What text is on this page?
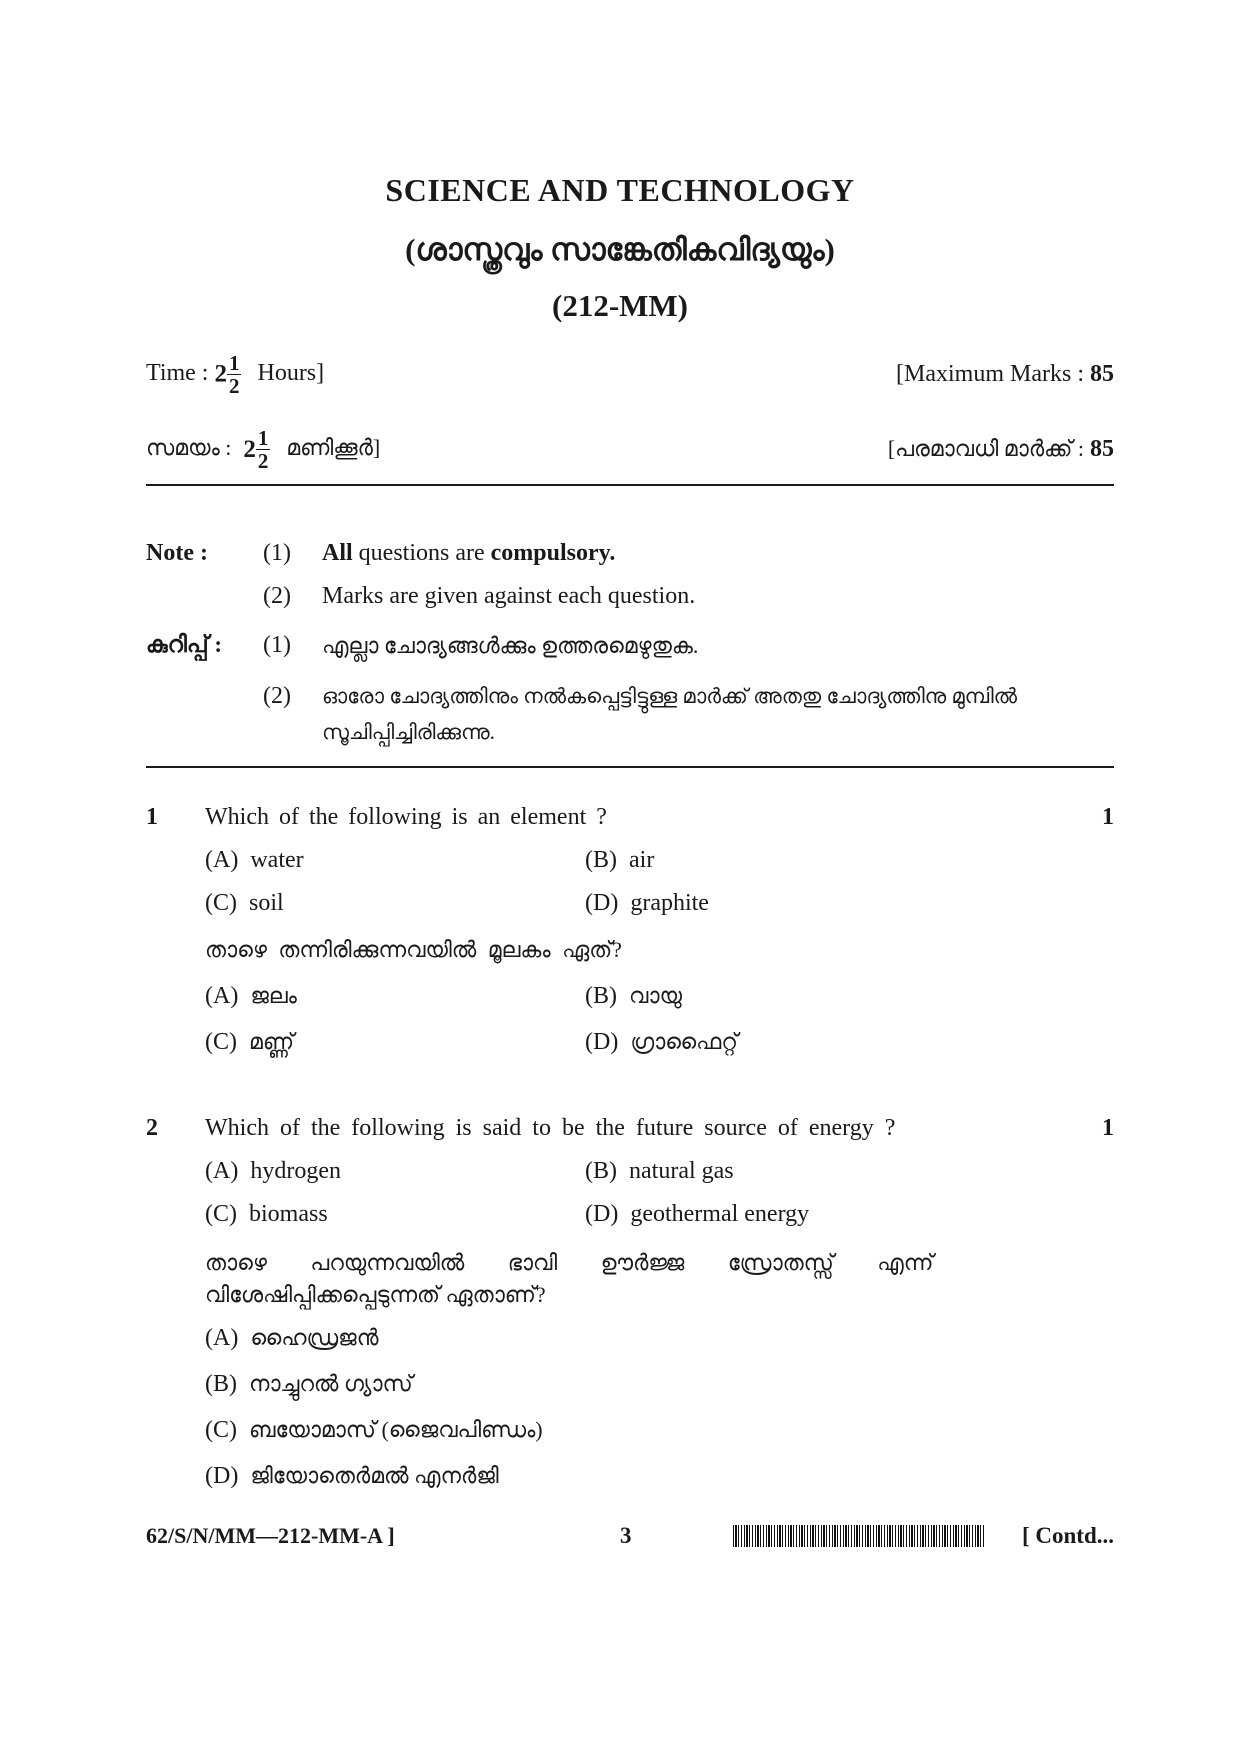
SCIENCE AND TECHNOLOGY
(ശാസ്ത്രവും സാങ്കേതികവിദ്യയും)
(212-MM)
Time : $2 \frac{1}{2}$ Hours]	[Maximum Marks : 85
സമയം : $2 \frac{1}{2}$ മണിക്കൂർ]	[പരമാവധി മാർക്ക് : 85
Note : (1) All questions are compulsory.
(2) Marks are given against each question.
കുറിപ്പ് : (1) എല്ലാ ചോദ്യങ്ങൾക്കും ഉത്തരമെഴുതുക.
(2) ഓരോ ചോദ്യത്തിനും നൽകപ്പെട്ടിട്ടുള്ള മാർക്ക് അതതു ചോദ്യത്തിനു മുമ്പിൽ
സൂചിപ്പിച്ചിരിക്കുന്നു.
1 Which of the following is an element ?	1
(A) water	(B) air
(C) soil	(D) graphite
താഴെ തന്നിരിക്കുന്നവയിൽ മൂലകം ഏത്?
(A) ജലം	(B) വായു
(C) മണ്ണ്	(D) ഗ്രാഫൈറ്റ്
2 Which of the following is said to be the future source of energy ?	1
(A) hydrogen	(B) natural gas
(C) biomass	(D) geothermal energy
താഴെ പറയുന്നവയിൽ ഭാവി ഊർജ്ജ സ്രോതസ്സ് എന്ന്
വിശേഷിപ്പിക്കപ്പെടുന്നത് ഏതാണ്?
(A) ഹൈഡ്രജൻ
(B) നാച്ചുറൽ ഗ്യാസ്
(C) ബയോമാസ് (ജൈവപിണ്ഡം)
(D) ജിയോതെർമൽ എനർജി
62/S/N/MM—212-MM-A ]	3	[ Contd...
